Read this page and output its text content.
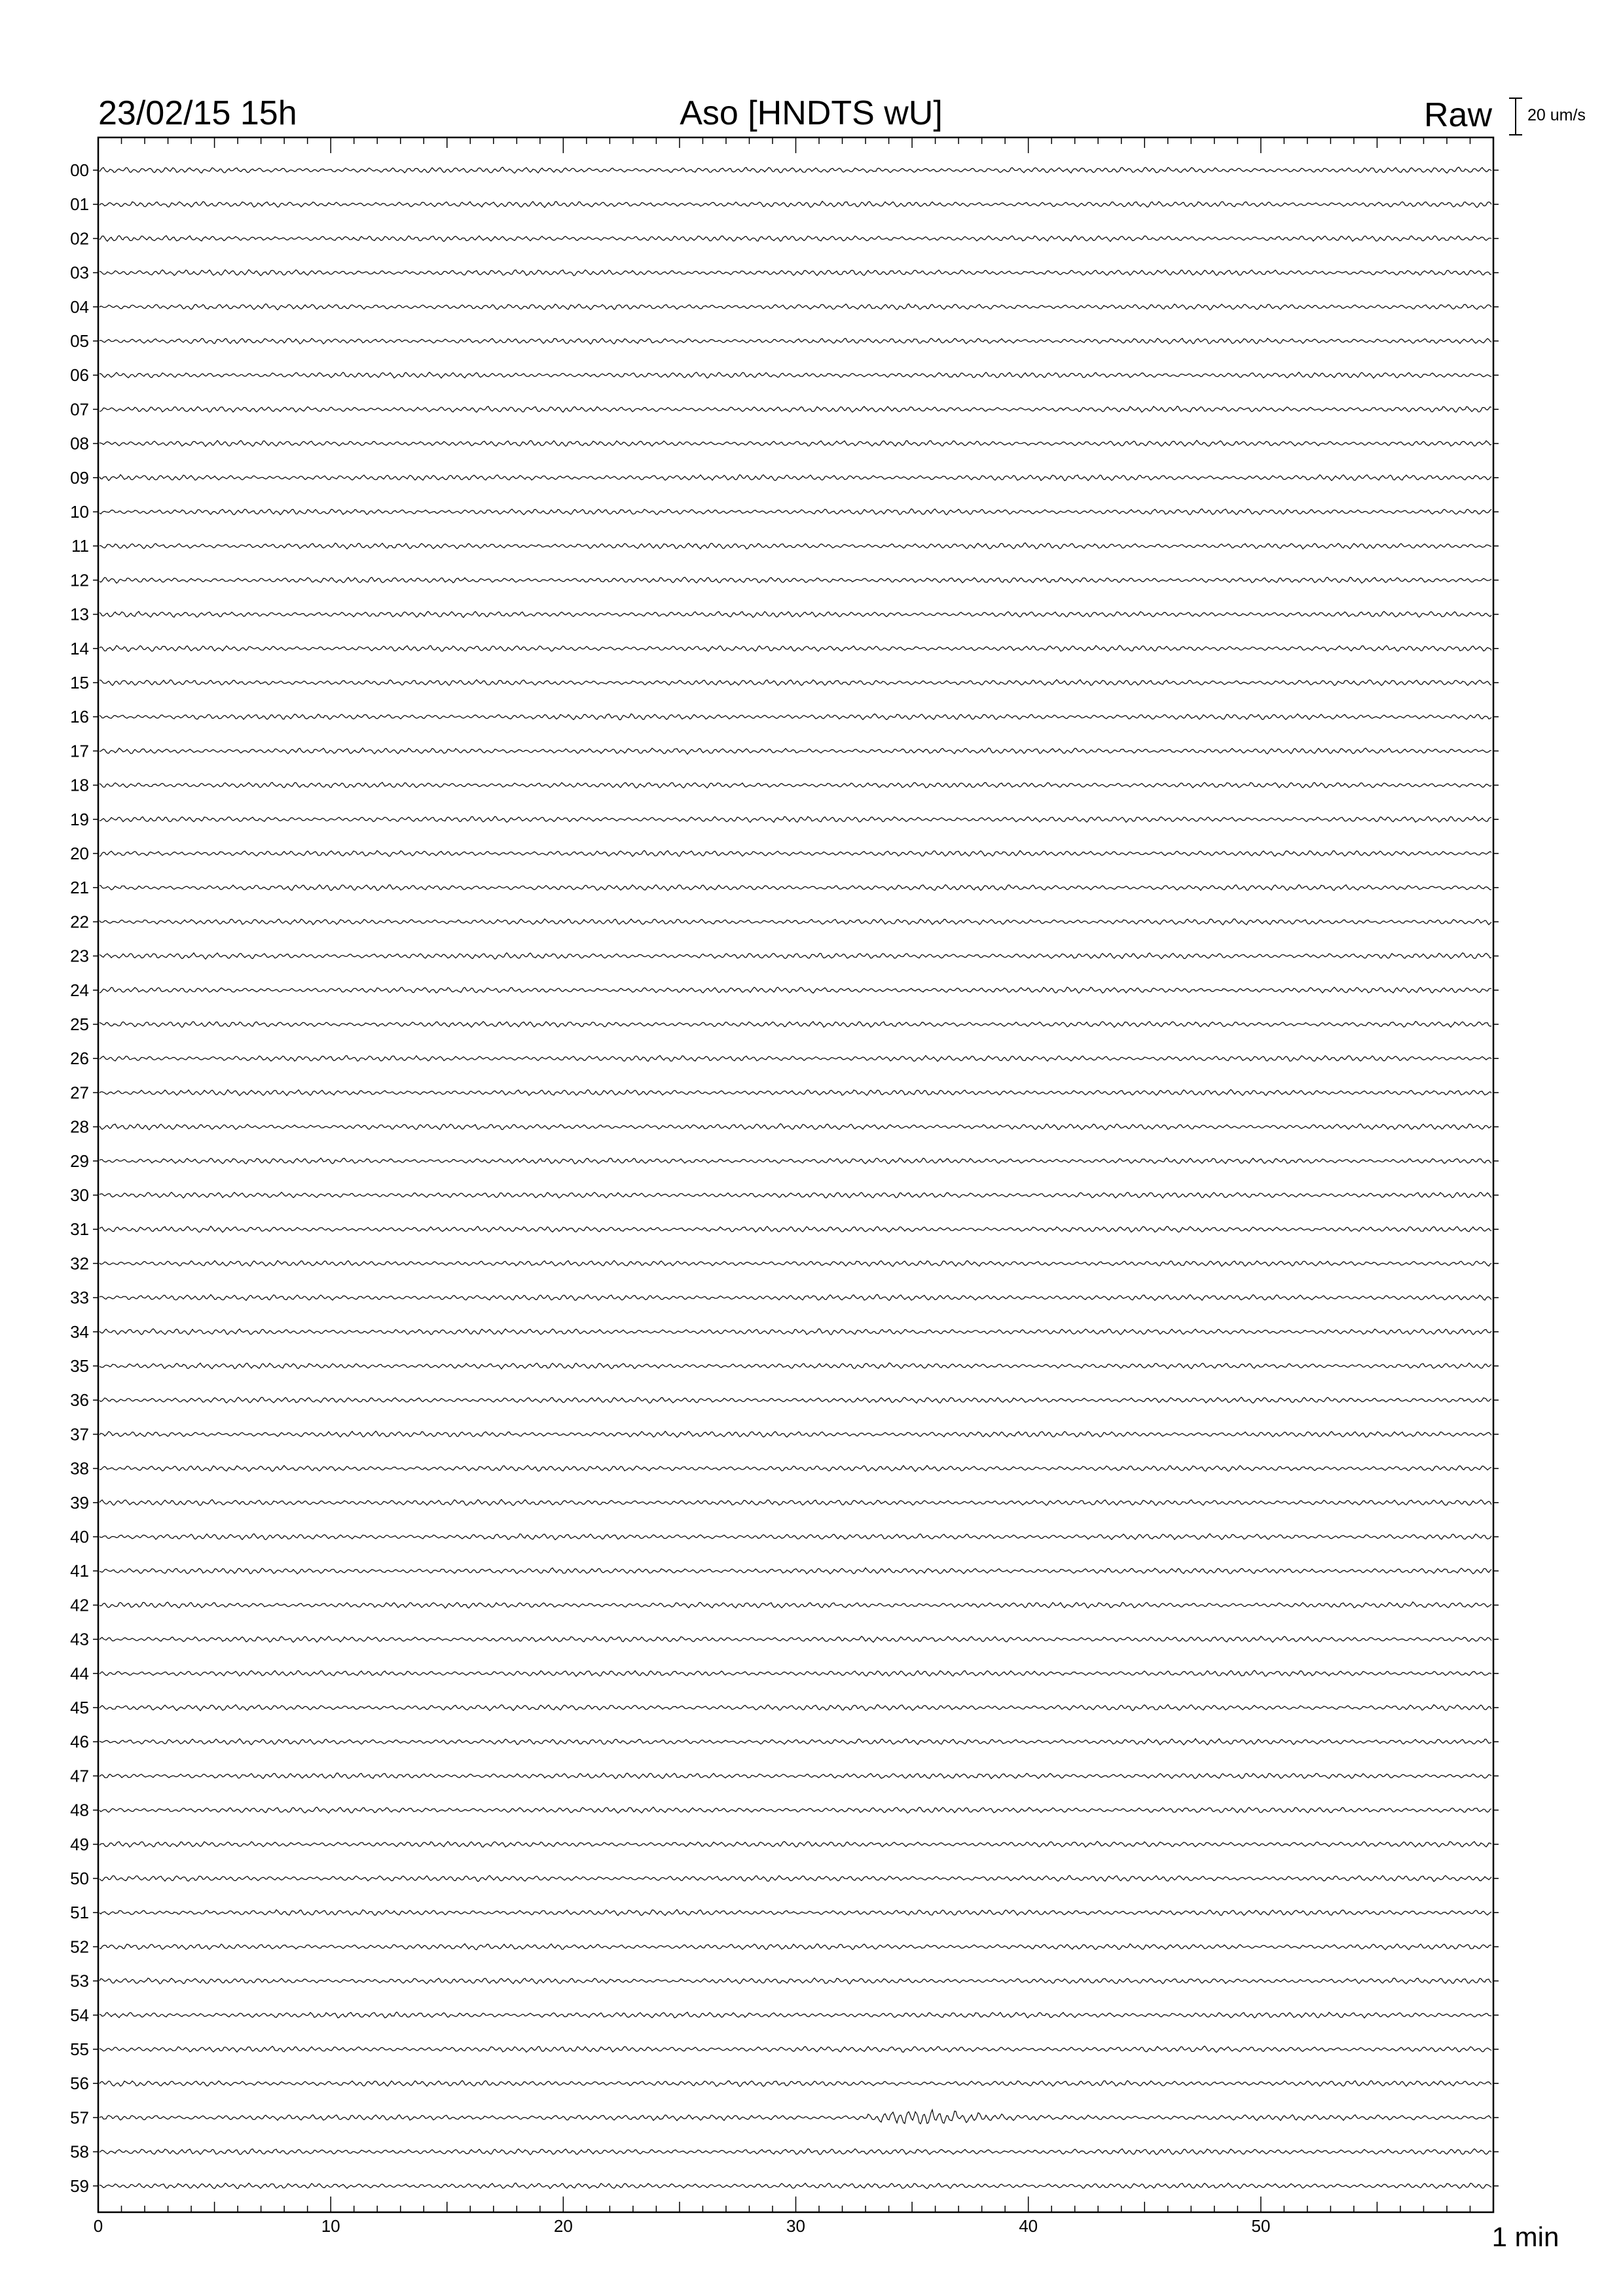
23/02/15 15h	Aso [HNDTS wU]	Raw 20 um/s
0	10	20	30	40	50
00
01
02
03
04
05
06
07
08
09
10
11
12
13
14
15
16
17
18
19
20
21
22
23
24
25
26
27
28
29
30
31
32
33
34
35
36
37
38
39
40
41
42
43
44
45
46
47
48
49
50
51
52
53
54
55
56
57
58
59
1 min
